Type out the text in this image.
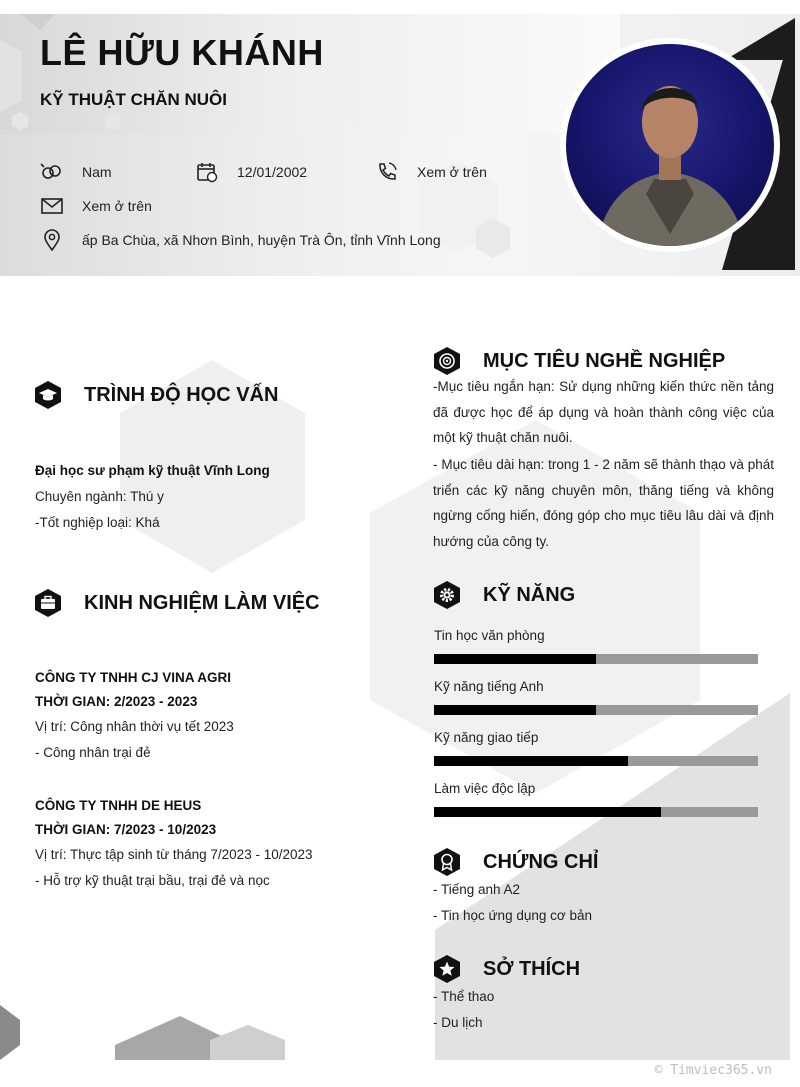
LÊ HỮU KHÁNH
KỸ THUẬT CHĂN NUÔI
Nam	12/01/2002	Xem ở trên
Xem ở trên
ấp Ba Chùa, xã Nhơn Bình, huyện Trà Ôn, tỉnh Vĩnh Long
TRÌNH ĐỘ HỌC VẤN
Đại học sư phạm kỹ thuật Vĩnh Long
Chuyên ngành: Thú y
-Tốt nghiệp loại: Khá
KINH NGHIỆM LÀM VIỆC
CÔNG TY TNHH CJ VINA AGRI
THỜI GIAN: 2/2023 - 2023
Vị trí: Công nhân thời vụ tết 2023
- Công nhân trại đẻ
CÔNG TY TNHH DE HEUS
THỜI GIAN: 7/2023 - 10/2023
Vị trí: Thực tập sinh từ tháng 7/2023 - 10/2023
- Hỗ trợ kỹ thuật trại bầu, trại đẻ và nọc
MỤC TIÊU NGHỀ NGHIỆP
-Mục tiêu ngắn hạn: Sử dụng những kiến thức nền tảng đã được học để áp dụng và hoàn thành công việc của một kỹ thuật chăn nuôi.
- Mục tiêu dài hạn: trong 1 - 2 năm sẽ thành thạo và phát triển các kỹ năng chuyên môn, thăng tiếng và không ngừng cống hiến, đóng góp cho mục tiêu lâu dài và định hướng của công ty.
KỸ NĂNG
Tin học văn phòng
Kỹ năng tiếng Anh
Kỹ năng giao tiếp
Làm việc độc lập
CHỨNG CHỈ
- Tiếng anh A2
- Tin học ứng dụng cơ bản
SỞ THÍCH
- Thể thao
- Du lịch
© Timviec365.vn
